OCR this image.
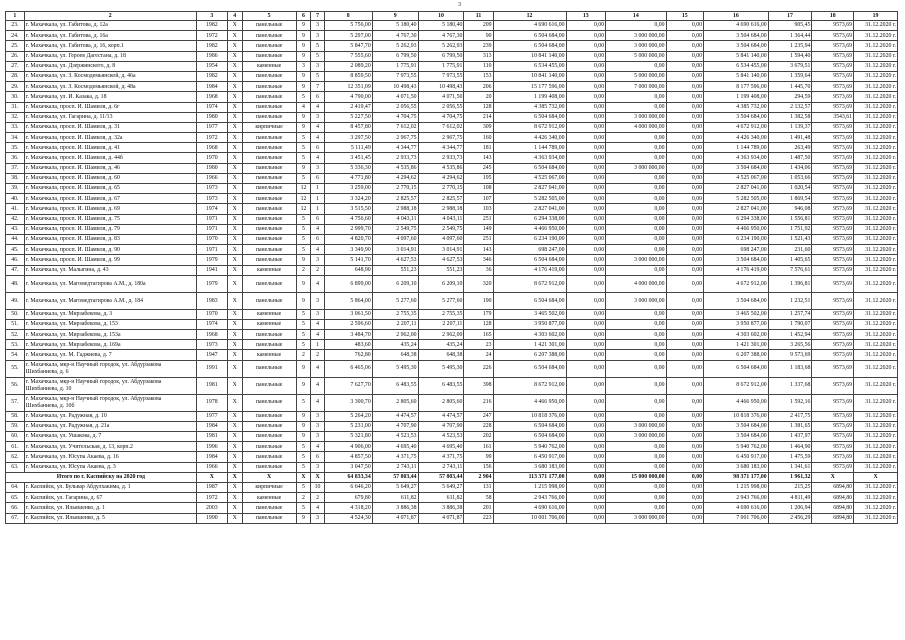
3
1	2	3	4	5	6	7	8	9	10	11	12	13	14	15	16	17	18	19
23.	г. Махачкала, ул. Габитова, д. 12а	1982	Х	панельные	9	3	5 756,00	5 180,40	5 180,40	209	4 690 616,00	0,00	0,00	0,00	4 690 616,00	905,45	9573,69	31.12.2020 г.
24.	г. Махачкала, ул. Габитова, д. 16а	1972	Х	панельные	9	3	5 297,00	4 767,30	4 767,30	90	6 504 684,00	0,00	3 000 000,00	0,00	3 504 684,00	1 364,44	9573,69	31.12.2020 г.
25.	г. Махачкала, ул. Габитова, д. 16, корп.1	1982	Х	панельные	9	5	5 847,70	5 262,93	5 262,93	239	6 504 684,00	0,00	3 000 000,00	0,00	3 504 684,00	1 235,94	9573,69	31.12.2020 г.
26.	г. Махачкала, ул. Героев Дагестана, д. 18	1986	Х	панельные	9	5	7 555,60	6 799,50	6 799,50	313	10 841 140,00	0,00	5 000 000,00	0,00	5 841 140,00	1 594,40	9573,69	31.12.2020 г.
27.	г. Махачкала, ул. Дзержинского, д. 8	1954	Х	каменные	3	3	2 089,20	1 775,91	1 775,91	110	6 534 455,00	0,00	0,00	0,00	6 534 455,00	3 679,51	9573,69	31.12.2020 г.
28.	г. Махачкала, ул. З. Космодемьянской, д. 46а	1982	Х	панельные	9	5	8 859,50	7 973,55	7 973,55	153	10 841 140,00	0,00	5 000 000,00	0,00	5 841 140,00	1 359,64	9573,69	31.12.2020 г.
29.	г. Махачкала, ул. З. Космодемьянской, д. 48а	1984	Х	панельные	9	7	12 351,09	10 498,43	10 498,43	206	15 177 596,00	0,00	7 000 000,00	0,00	8 177 596,00	1 445,70	9573,69	31.12.2020 г.
30.	г. Махачкала, ул. И. Казака, д. 18	1968	Х	панельные	5	6	4 790,00	4 071,50	4 071,50	20	1 199 408,00	0,00	0,00	0,00	1 199 408,00	294,59	9573,69	31.12.2020 г.
31.	г. Махачкала, просп. И. Шамиля, д. 6г	1974	Х	панельные	4	4	2 419,47	2 056,55	2 056,55	128	4 385 732,00	0,00	0,00	0,00	4 385 732,00	2 132,57	9573,69	31.12.2020 г.
32.	г. Махачкала, ул. Гагарина, д. 11/13	1980	Х	панельные	9	3	5 227,50	4 704,75	4 704,75	214	6 504 684,00	0,00	3 000 000,00	0,00	3 504 684,00	1 382,58	3543,61	31.12.2020 г.
33.	г. Махачкала, просп. И. Шамиля, д. 31	1977	Х	кирпичные	9	4	8 457,80	7 612,02	7 612,02	309	8 672 912,00	0,00	4 000 000,00	0,00	4 672 912,00	1 139,37	9573,69	31.12.2020 г.
34.	г. Махачкала, просп. И. Шамиля, д. 32а	1972	Х	панельные	5	4	3 297,50	2 967,75	2 967,75	160	4 426 340,00	0,00	0,00	0,00	4 426 340,00	1 491,48	9573,69	31.12.2020 г.
35.	г. Махачкала, просп. И. Шамиля, д. 41	1968	Х	панельные	5	6	5 111,49	4 344,77	4 344,77	181	1 144 789,00	0,00	0,00	0,00	1 144 789,00	263,49	9573,69	31.12.2020 г.
36.	г. Махачкала, просп. И. Шамиля, д. 44б	1970	Х	панельные	5	4	3 451,45	2 933,73	2 933,73	143	4 363 934,00	0,00	0,00	0,00	4 363 934,00	1 487,50	9573,69	31.12.2020 г.
37.	г. Махачкала, просп. И. Шамиля, д. 46	1980	Х	панельные	9	3	5 336,30	4 535,86	4 535,86	245	6 504 684,00	0,00	3 000 000,00	0,00	3 504 684,00	1 434,06	9573,69	31.12.2020 г.
38.	г. Махачкала, просп. И. Шамиля, д. 60	1966	Х	панельные	5	6	4 771,80	4 294,62	4 294,62	195	4 525 067,00	0,00	0,00	0,00	4 525 067,00	1 053,66	9573,69	31.12.2020 г.
39.	г. Махачкала, просп. И. Шамиля, д. 65	1973	Х	панельные	12	1	3 259,00	2 770,15	2 770,15	108	2 827 041,00	0,00	0,00	0,00	2 827 041,00	1 020,54	9573,69	31.12.2020 г.
40.	г. Махачкала, просп. И. Шамиля, д. 67	1973	Х	панельные	12	1	3 324,20	2 825,57	2 825,57	107	5 282 505,00	0,00	0,00	0,00	5 282 505,00	1 869,54	9573,69	31.12.2020 г.
41.	г. Махачкала, просп. И. Шамиля, д. 69	1974	Х	панельные	12	1	3 515,50	2 988,18	2 988,18	103	2 827 041,00	0,00	0,00	0,00	2 827 041,00	946,08	9573,69	31.12.2020 г.
42.	г. Махачкала, просп. И. Шамиля, д. 75	1971	Х	панельные	5	6	4 756,60	4 043,11	4 043,11	251	6 294 338,00	0,00	0,00	0,00	6 294 338,00	1 556,81	9573,69	31.12.2020 г.
43.	г. Махачкала, просп. И. Шамиля, д. 79	1971	Х	панельные	5	4	2 999,70	2 549,75	2 549,75	149	4 466 950,00	0,00	0,00	0,00	4 466 950,00	1 751,92	9573,69	31.12.2020 г.
44.	г. Махачкала, просп. И. Шамиля, д. 83	1970	Х	панельные	5	6	4 820,70	4 097,60	4 097,60	251	6 234 190,00	0,00	0,00	0,00	6 234 190,00	1 521,43	9573,69	31.12.2020 г.
45.	г. Махачкала, просп. И. Шамиля, д. 90	1971	Х	панельные	5	4	3 349,90	3 014,91	3 014,91	143	698 247,00	0,00	0,00	0,00	698 247,00	231,60	9573,69	31.12.2020 г.
46.	г. Махачкала, просп. И. Шамиля, д. 99	1979	Х	панельные	9	3	5 141,70	4 627,53	4 627,53	346	6 504 684,00	0,00	3 000 000,00	0,00	3 504 684,00	1 405,65	9573,69	31.12.2020 г.
47.	г. Махачкала, ул. Малыгина, д. 43	1941	Х	каменные	2	2	648,90	551,23	551,23	36	4 176 419,00	0,00	0,00	0,00	4 176 419,00	7 576,61	9573,69	31.12.2020 г.
48.	г. Махачкала, ул. Магомедтагирова А.М., д. 180а	1979	Х	панельные	9	4	6 899,00	6 209,10	6 209,10	320	8 672 912,00	0,00	4 000 000,00	0,00	4 672 912,00	1 396,81	9573,69	31.12.2020 г.
49.	г. Махачкала, ул. Магомедтагирова А.М., д. 184	1983	Х	панельные	9	3	5 864,00	5 277,60	5 277,60	190	6 504 684,00	0,00	3 000 000,00	0,00	3 504 684,00	1 232,51	9573,69	31.12.2020 г.
50.	г. Махачкала, ул. Мирзабекова, д. 3	1970	Х	каменные	5	3	3 061,50	2 755,35	2 755,35	179	3 465 502,00	0,00	0,00	0,00	3 465 502,00	1 257,74	9573,69	31.12.2020 г.
51.	г. Махачкала, ул. Мирзабекова, д. 153	1974	Х	каменные	5	4	2 596,60	2 207,11	2 207,11	128	3 950 877,00	0,00	0,00	0,00	3 950 877,00	1 790,07	9573,69	31.12.2020 г.
52.	г. Махачкала, ул. Мирзабекова, д. 153а	1968	Х	панельные	5	4	3 484,70	2 962,00	2 962,00	165	4 303 602,00	0,00	0,00	0,00	4 303 602,00	1 452,94	9573,69	31.12.2020 г.
53.	г. Махачкала, ул. Мирзабекова, д. 169а	1973	Х	панельные	5	1	483,60	435,24	435,24	23	1 421 301,00	0,00	0,00	0,00	1 421 301,00	3 265,56	9573,69	31.12.2020 г.
54.	г. Махачкала, ул. М. Гаджиева, д. 7	1947	Х	каменные	2	2	762,80	648,38	648,38	24	6 207 388,00	0,00	0,00	0,00	6 207 388,00	9 573,69	9573,69	31.12.2020 г.
55.	г. Махачкала, мкр-н Научный городок, ул. Абдурзакова Шихбаниева, д. 6	1991	Х	панельные	9	4	6 465,06	5 495,30	5 495,30	226	6 504 684,00	0,00	0,00	0,00	6 504 684,00	1 183,68	9573,69	31.12.2020 г.
56.	г. Махачкала, мкр-н Научный городок, ул. Абдурзакова Шихбаниева, д. 10	1981	Х	панельные	9	4	7 627,70	6 483,55	6 483,55	398	8 672 912,00	0,00	0,00	0,00	8 672 912,00	1 337,68	9573,69	31.12.2020 г.
57.	г. Махачкала, мкр-н Научный городок, ул. Абдурзакова Шихбаниева, д. 10б	1978	Х	панельные	5	4	3 300,70	2 805,60	2 805,60	216	4 466 950,00	0,00	0,00	0,00	4 466 950,00	1 592,16	9573,69	31.12.2020 г.
58.	г. Махачкала, ул. Радужная, д. 10	1977	Х	панельные	9	3	5 264,20	4 474,57	4 474,57	247	10 818 376,00	0,00	0,00	0,00	10 818 376,00	2 417,75	9573,69	31.12.2020 г.
59.	г. Махачкала, ул. Радужная, д. 21а	1984	Х	панельные	9	3	5 231,00	4 707,90	4 707,90	228	6 504 684,00	0,00	3 000 000,00	0,00	3 504 684,00	1 381,65	9573,69	31.12.2020 г.
60.	г. Махачкала, ул. Ушакова, д. 7	1981	Х	панельные	9	3	5 321,80	4 523,53	4 523,53	202	6 504 684,00	0,00	3 000 000,00	0,00	3 504 684,00	1 437,97	9573,69	31.12.2020 г.
61.	г. Махачкала, ул. Учительская, д. 13, корп.2	1996	Х	панельные	5	4	4 906,00	4 695,40	4 695,40	161	5 940 762,00	0,00	0,00	0,00	5 940 762,00	1 464,90	9573,69	31.12.2020 г.
62.	г. Махачкала, ул. Юсупа Акаева, д. 16	1984	Х	панельные	5	6	4 857,50	4 371,75	4 371,75	99	6 450 917,00	0,00	0,00	0,00	6 450 917,00	1 475,59	9573,69	31.12.2020 г.
63.	г. Махачкала, ул. Юсупа Акаева, д. 3	1966	Х	панельные	5	3	3 047,50	2 743,11	2 743,11	156	3 680 183,00	0,00	0,00	0,00	3 680 183,00	1 341,61	9573,69	31.12.2020 г.
Итого по г. Каспийску на 2020 год		Х	Х	Х	Х	Х	64 833,34	57 803,44	57 803,44	2 904	113 371 177,00	0,00	15 000 000,00	0,00	98 371 177,00	1 961,32	Х	Х
64.	г. Каспийск, ул. Бульвар Абдулхакима, д. 1	1987	Х	кирпичные	5	10	6 646,20	5 649,27	5 649,27	131	1 215 998,00	0,00	0,00	0,00	1 215 998,00	215,25	6894,80	31.12.2020 г.
65.	г. Каспийск, ул. Гагарина, д. 67	1972	Х	каменные	2	2	679,80	611,82	611,82	58	2 943 766,00	0,00	0,00	0,00	2 943 766,00	4 811,49	6894,80	31.12.2020 г.
66.	г. Каспийск, ул. Ильяшенко, д. 1	2003	Х	панельные	5	4	4 318,20	3 886,38	3 886,38	201	4 690 616,00	0,00	0,00	0,00	4 690 616,00	1 206,94	6894,80	31.12.2020 г.
67.	г. Каспийск, ул. Ильяшенко, д. 5	1990	Х	панельные	9	3	4 524,30	4 071,87	4 071,87	223	10 001 706,00	0,00	3 000 000,00	0,00	7 001 706,00	2 456,29	6894,80	31.12.2020 г.
